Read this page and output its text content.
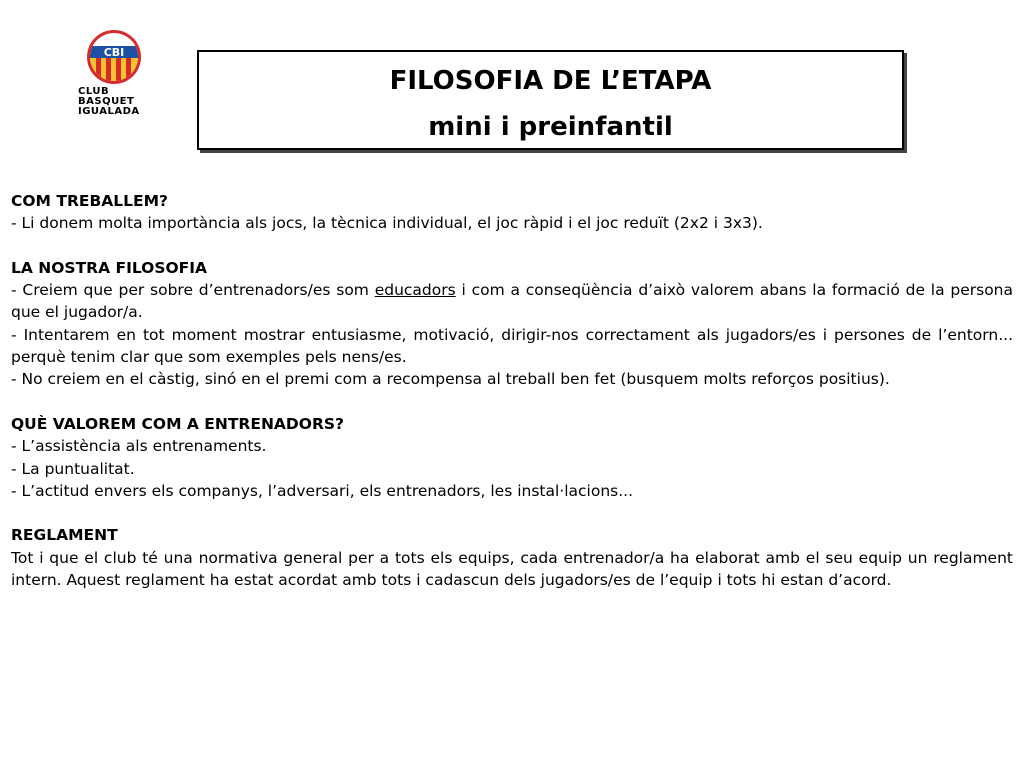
CBI
CLUB
BASQUET
IGUALADA
FILOSOFIA DE L’ETAPA
mini i preinfantil

COM TREBALLEM?

- Li donem molta importància als jocs, la tècnica individual, el joc ràpid i el joc reduït (2x2 i 3x3).

LA NOSTRA FILOSOFIA

- Creiem que per sobre d’entrenadors/es som educadors i com a conseqüència d’això valorem abans la formació de la persona que el jugador/a.

- Intentarem en tot moment mostrar entusiasme, motivació, dirigir-nos correctament als jugadors/es i persones de l’entorn... perquè tenim clar que som exemples pels nens/es.

- No creiem en el càstig, sinó en el premi com a recompensa al treball ben fet (busquem molts reforços positius).

QUÈ VALOREM COM A ENTRENADORS?

- L’assistència als entrenaments.

- La puntualitat.

- L’actitud envers els companys, l’adversari, els entrenadors, les instal·lacions...

REGLAMENT

Tot i que el club té una normativa general per a tots els equips, cada entrenador/a ha elaborat amb el seu equip un reglament intern. Aquest reglament ha estat acordat amb tots i cadascun dels jugadors/es de l’equip i tots hi estan d’acord.
